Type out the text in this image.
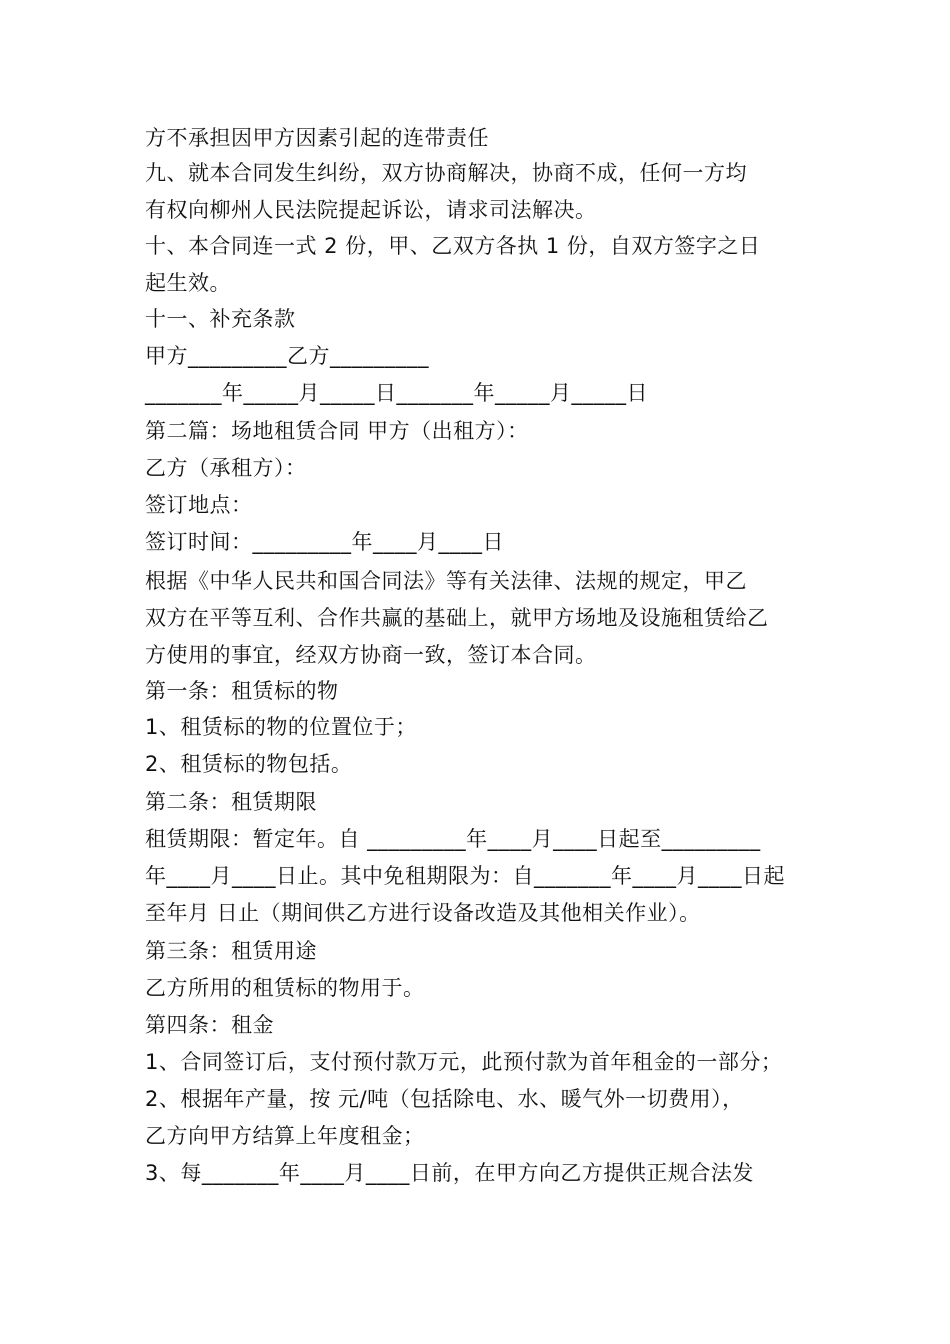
方不承担因甲方因素引起的连带责任
九、就本合同发生纠纷，双方协商解决，协商不成，任何一方均
有权向柳州人民法院提起诉讼，请求司法解决。
十、本合同连一式 2 份，甲、乙双方各执 1 份，自双方签字之日
起生效。
十一、补充条款
甲方_________乙方_________
_______年_____月_____日_______年_____月_____日
第二篇：场地租赁合同 甲方（出租方）：
乙方（承租方）：
签订地点：
签订时间：_________年____月____日
根据《中华人民共和国合同法》等有关法律、法规的规定，甲乙
双方在平等互利、合作共赢的基础上，就甲方场地及设施租赁给乙
方使用的事宜，经双方协商一致，签订本合同。
第一条：租赁标的物
1、租赁标的物的位置位于；
2、租赁标的物包括。
第二条：租赁期限
租赁期限：暂定年。自 _________年____月____日起至_________
年____月____日止。其中免租期限为：自_______年____月____日起
至年月 日止（期间供乙方进行设备改造及其他相关作业）。
第三条：租赁用途
乙方所用的租赁标的物用于。
第四条：租金
1、合同签订后，支付预付款万元，此预付款为首年租金的一部分；
2、根据年产量，按 元/吨（包括除电、水、暖气外一切费用），
乙方向甲方结算上年度租金；
3、每_______年____月____日前，在甲方向乙方提供正规合法发
